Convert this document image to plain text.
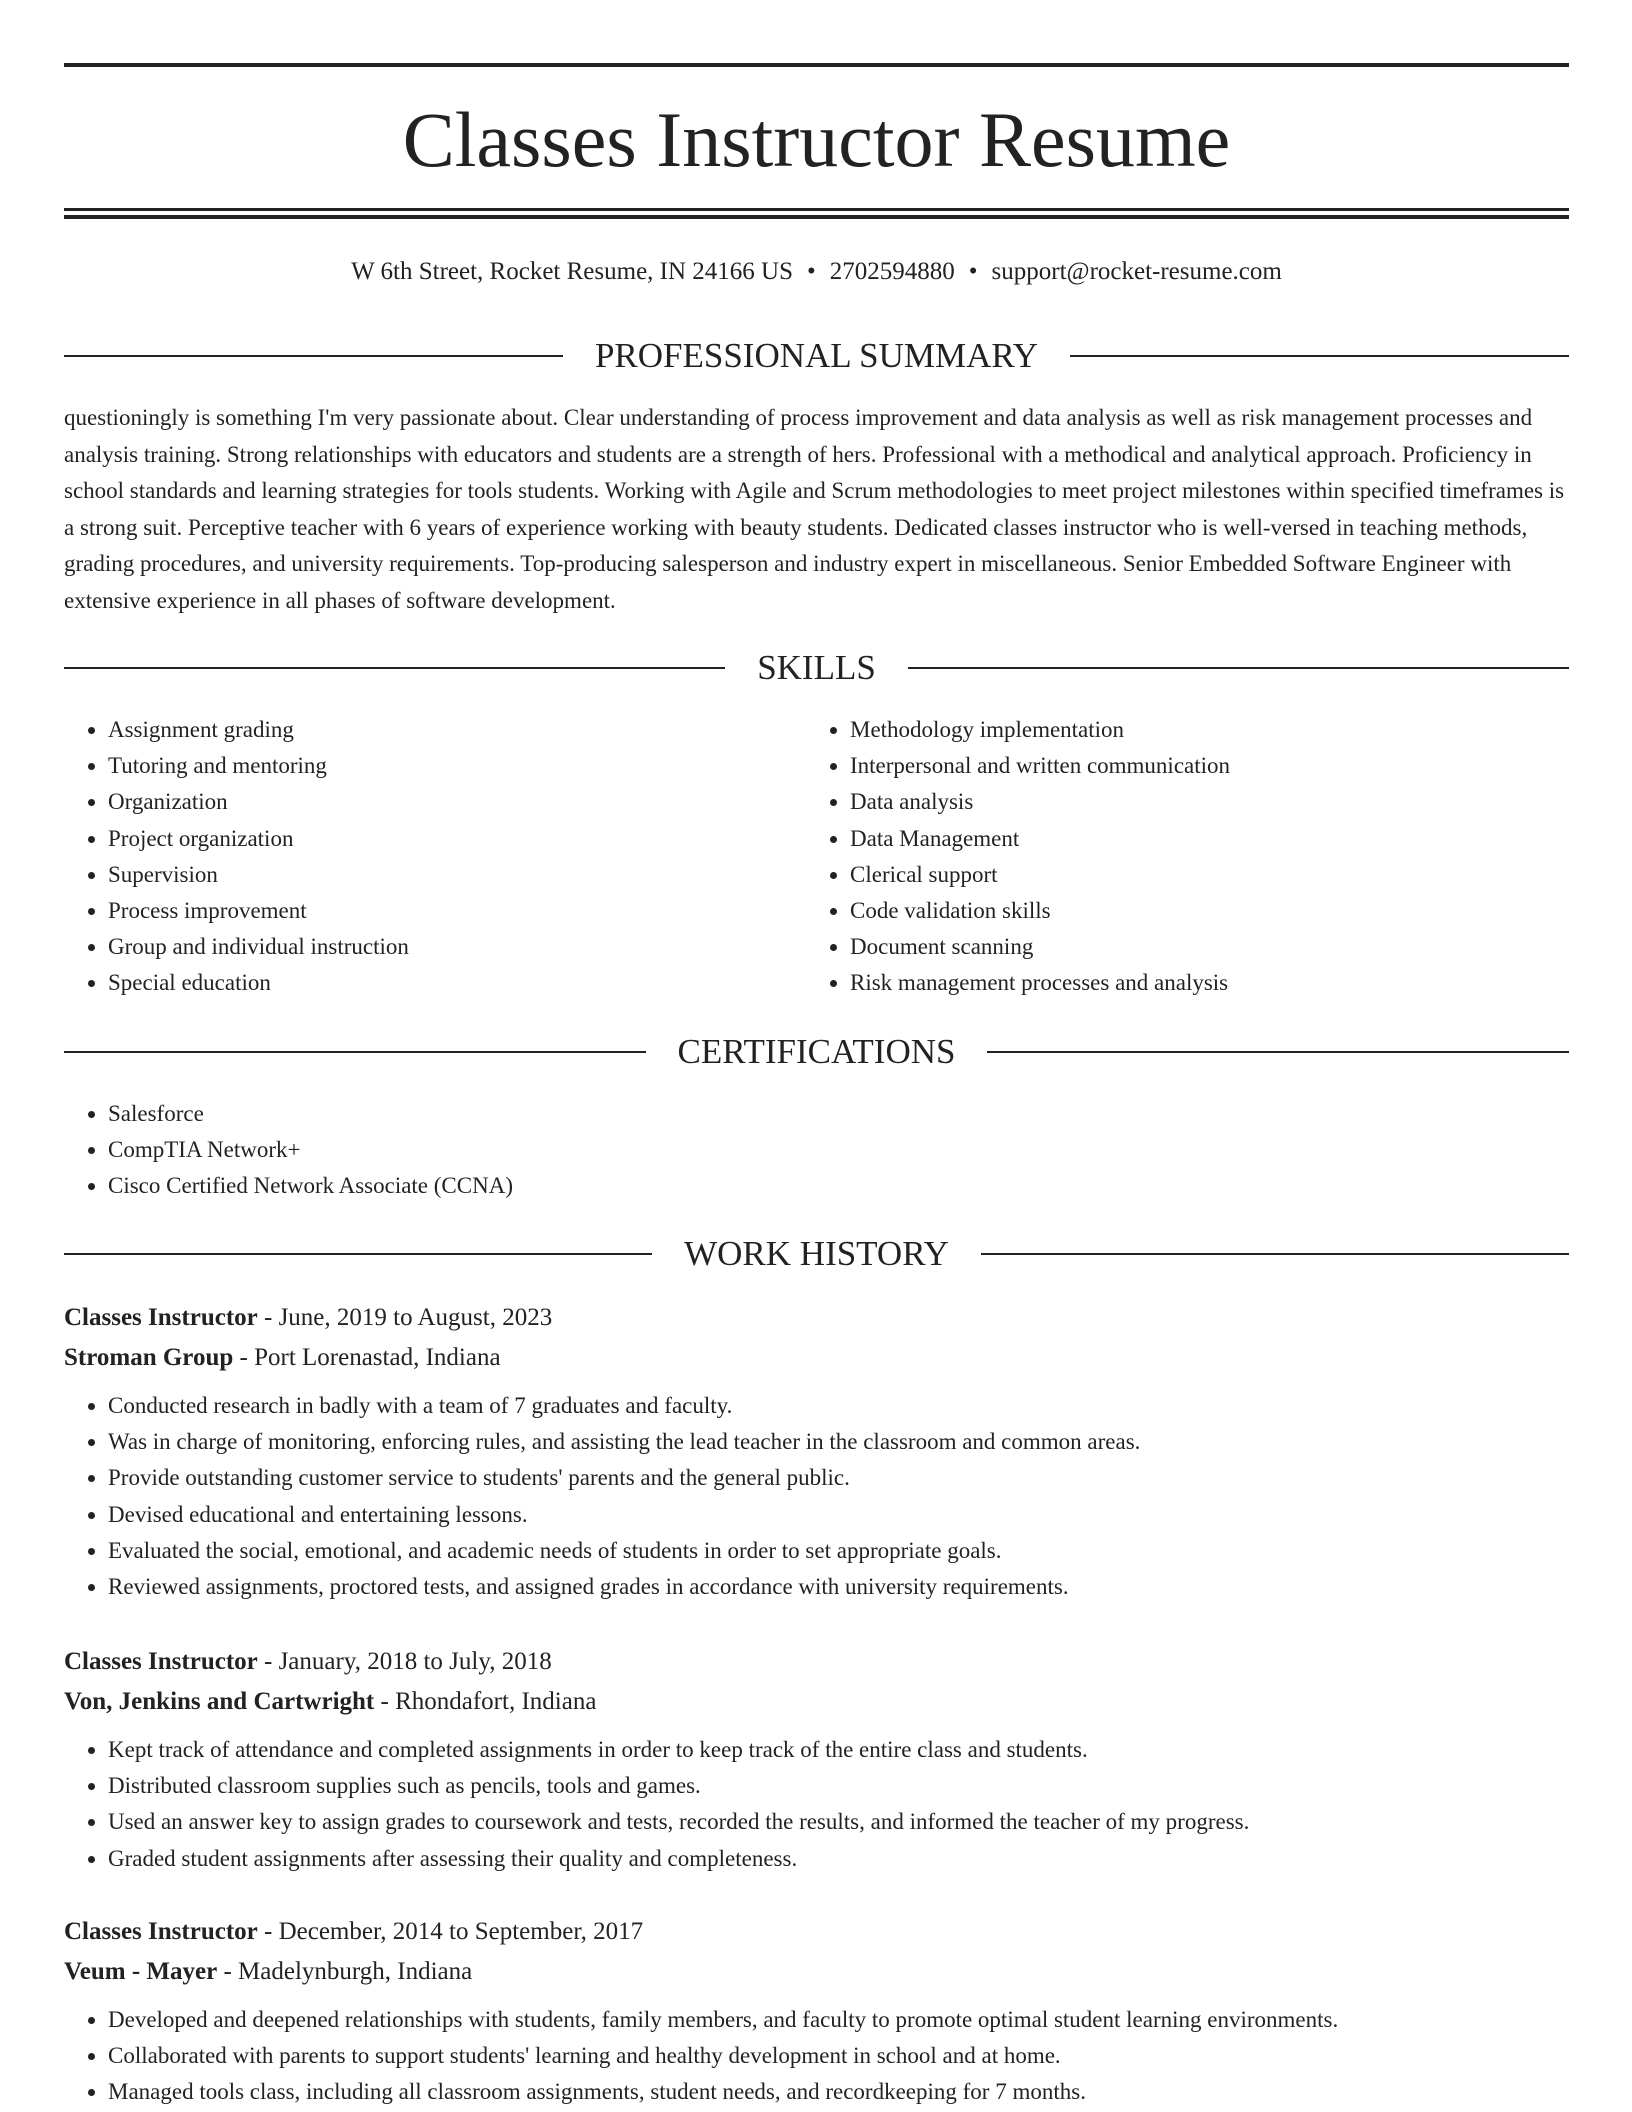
Classes Instructor Resume
W 6th Street, Rocket Resume, IN 24166 US • 2702594880 • support@rocket-resume.com
PROFESSIONAL SUMMARY

questioningly is something I'm very passionate about. Clear understanding of process improvement and data analysis as well as risk management processes and analysis training. Strong relationships with educators and students are a strength of hers. Professional with a methodical and analytical approach. Proficiency in school standards and learning strategies for tools students. Working with Agile and Scrum methodologies to meet project milestones within specified timeframes is a strong suit. Perceptive teacher with 6 years of experience working with beauty students. Dedicated classes instructor who is well-versed in teaching methods, grading procedures, and university requirements. Top-producing salesperson and industry expert in miscellaneous. Senior Embedded Software Engineer with extensive experience in all phases of software development.

SKILLS
• Assignment grading
• Tutoring and mentoring
• Organization
• Project organization
• Supervision
• Process improvement
• Group and individual instruction
• Special education
• Methodology implementation
• Interpersonal and written communication
• Data analysis
• Data Management
• Clerical support
• Code validation skills
• Document scanning
• Risk management processes and analysis
CERTIFICATIONS
• Salesforce
• CompTIA Network+
• Cisco Certified Network Associate (CCNA)
WORK HISTORY

Classes Instructor - June, 2019 to August, 2023

Stroman Group - Port Lorenastad, Indiana

• Conducted research in badly with a team of 7 graduates and faculty.
• Was in charge of monitoring, enforcing rules, and assisting the lead teacher in the classroom and common areas.
• Provide outstanding customer service to students' parents and the general public.
• Devised educational and entertaining lessons.
• Evaluated the social, emotional, and academic needs of students in order to set appropriate goals.
• Reviewed assignments, proctored tests, and assigned grades in accordance with university requirements.

Classes Instructor - January, 2018 to July, 2018

Von, Jenkins and Cartwright - Rhondafort, Indiana

• Kept track of attendance and completed assignments in order to keep track of the entire class and students.
• Distributed classroom supplies such as pencils, tools and games.
• Used an answer key to assign grades to coursework and tests, recorded the results, and informed the teacher of my progress.
• Graded student assignments after assessing their quality and completeness.

Classes Instructor - December, 2014 to September, 2017

Veum - Mayer - Madelynburgh, Indiana

• Developed and deepened relationships with students, family members, and faculty to promote optimal student learning environments.
• Collaborated with parents to support students' learning and healthy development in school and at home.
• Managed tools class, including all classroom assignments, student needs, and recordkeeping for 7 months.
